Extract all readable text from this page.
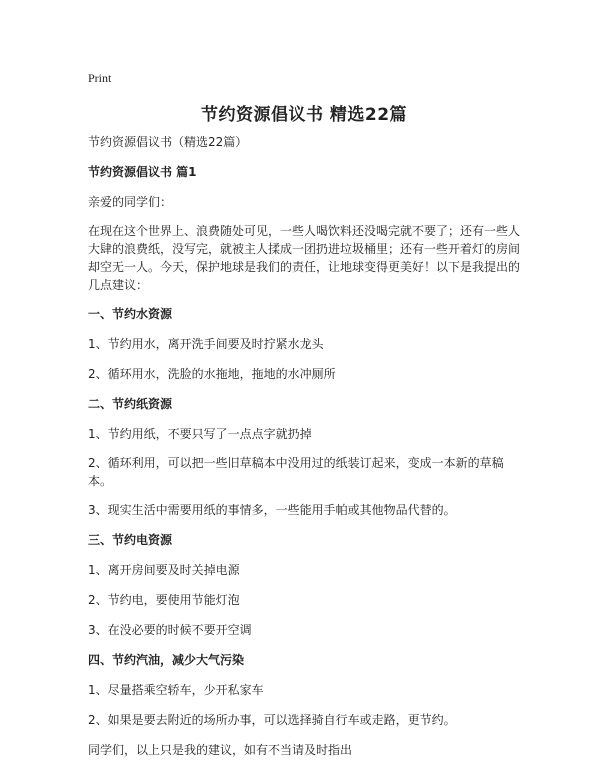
Print
节约资源倡议书 精选22篇

节约资源倡议书（精选22篇）

节约资源倡议书 篇1

亲爱的同学们：

在现在这个世界上、浪费随处可见，一些人喝饮料还没喝完就不要了；还有一些人大肆的浪费纸，没写完，就被主人揉成一团扔进垃圾桶里；还有一些开着灯的房间却空无一人。今天，保护地球是我们的责任，让地球变得更美好！以下是我提出的几点建议：

一、节约水资源

1、节约用水，离开洗手间要及时拧紧水龙头

2、循环用水，洗脸的水拖地，拖地的水冲厕所

二、节约纸资源

1、节约用纸，不要只写了一点点字就扔掉

2、循环利用，可以把一些旧草稿本中没用过的纸装订起来，变成一本新的草稿本。

3、现实生活中需要用纸的事情多，一些能用手帕或其他物品代替的。

三、节约电资源

1、离开房间要及时关掉电源

2、节约电，要使用节能灯泡

3、在没必要的时候不要开空调

四、节约汽油，减少大气污染

1、尽量搭乘空轿车，少开私家车

2、如果是要去附近的场所办事，可以选择骑自行车或走路，更节约。

同学们，以上只是我的建议，如有不当请及时指出
